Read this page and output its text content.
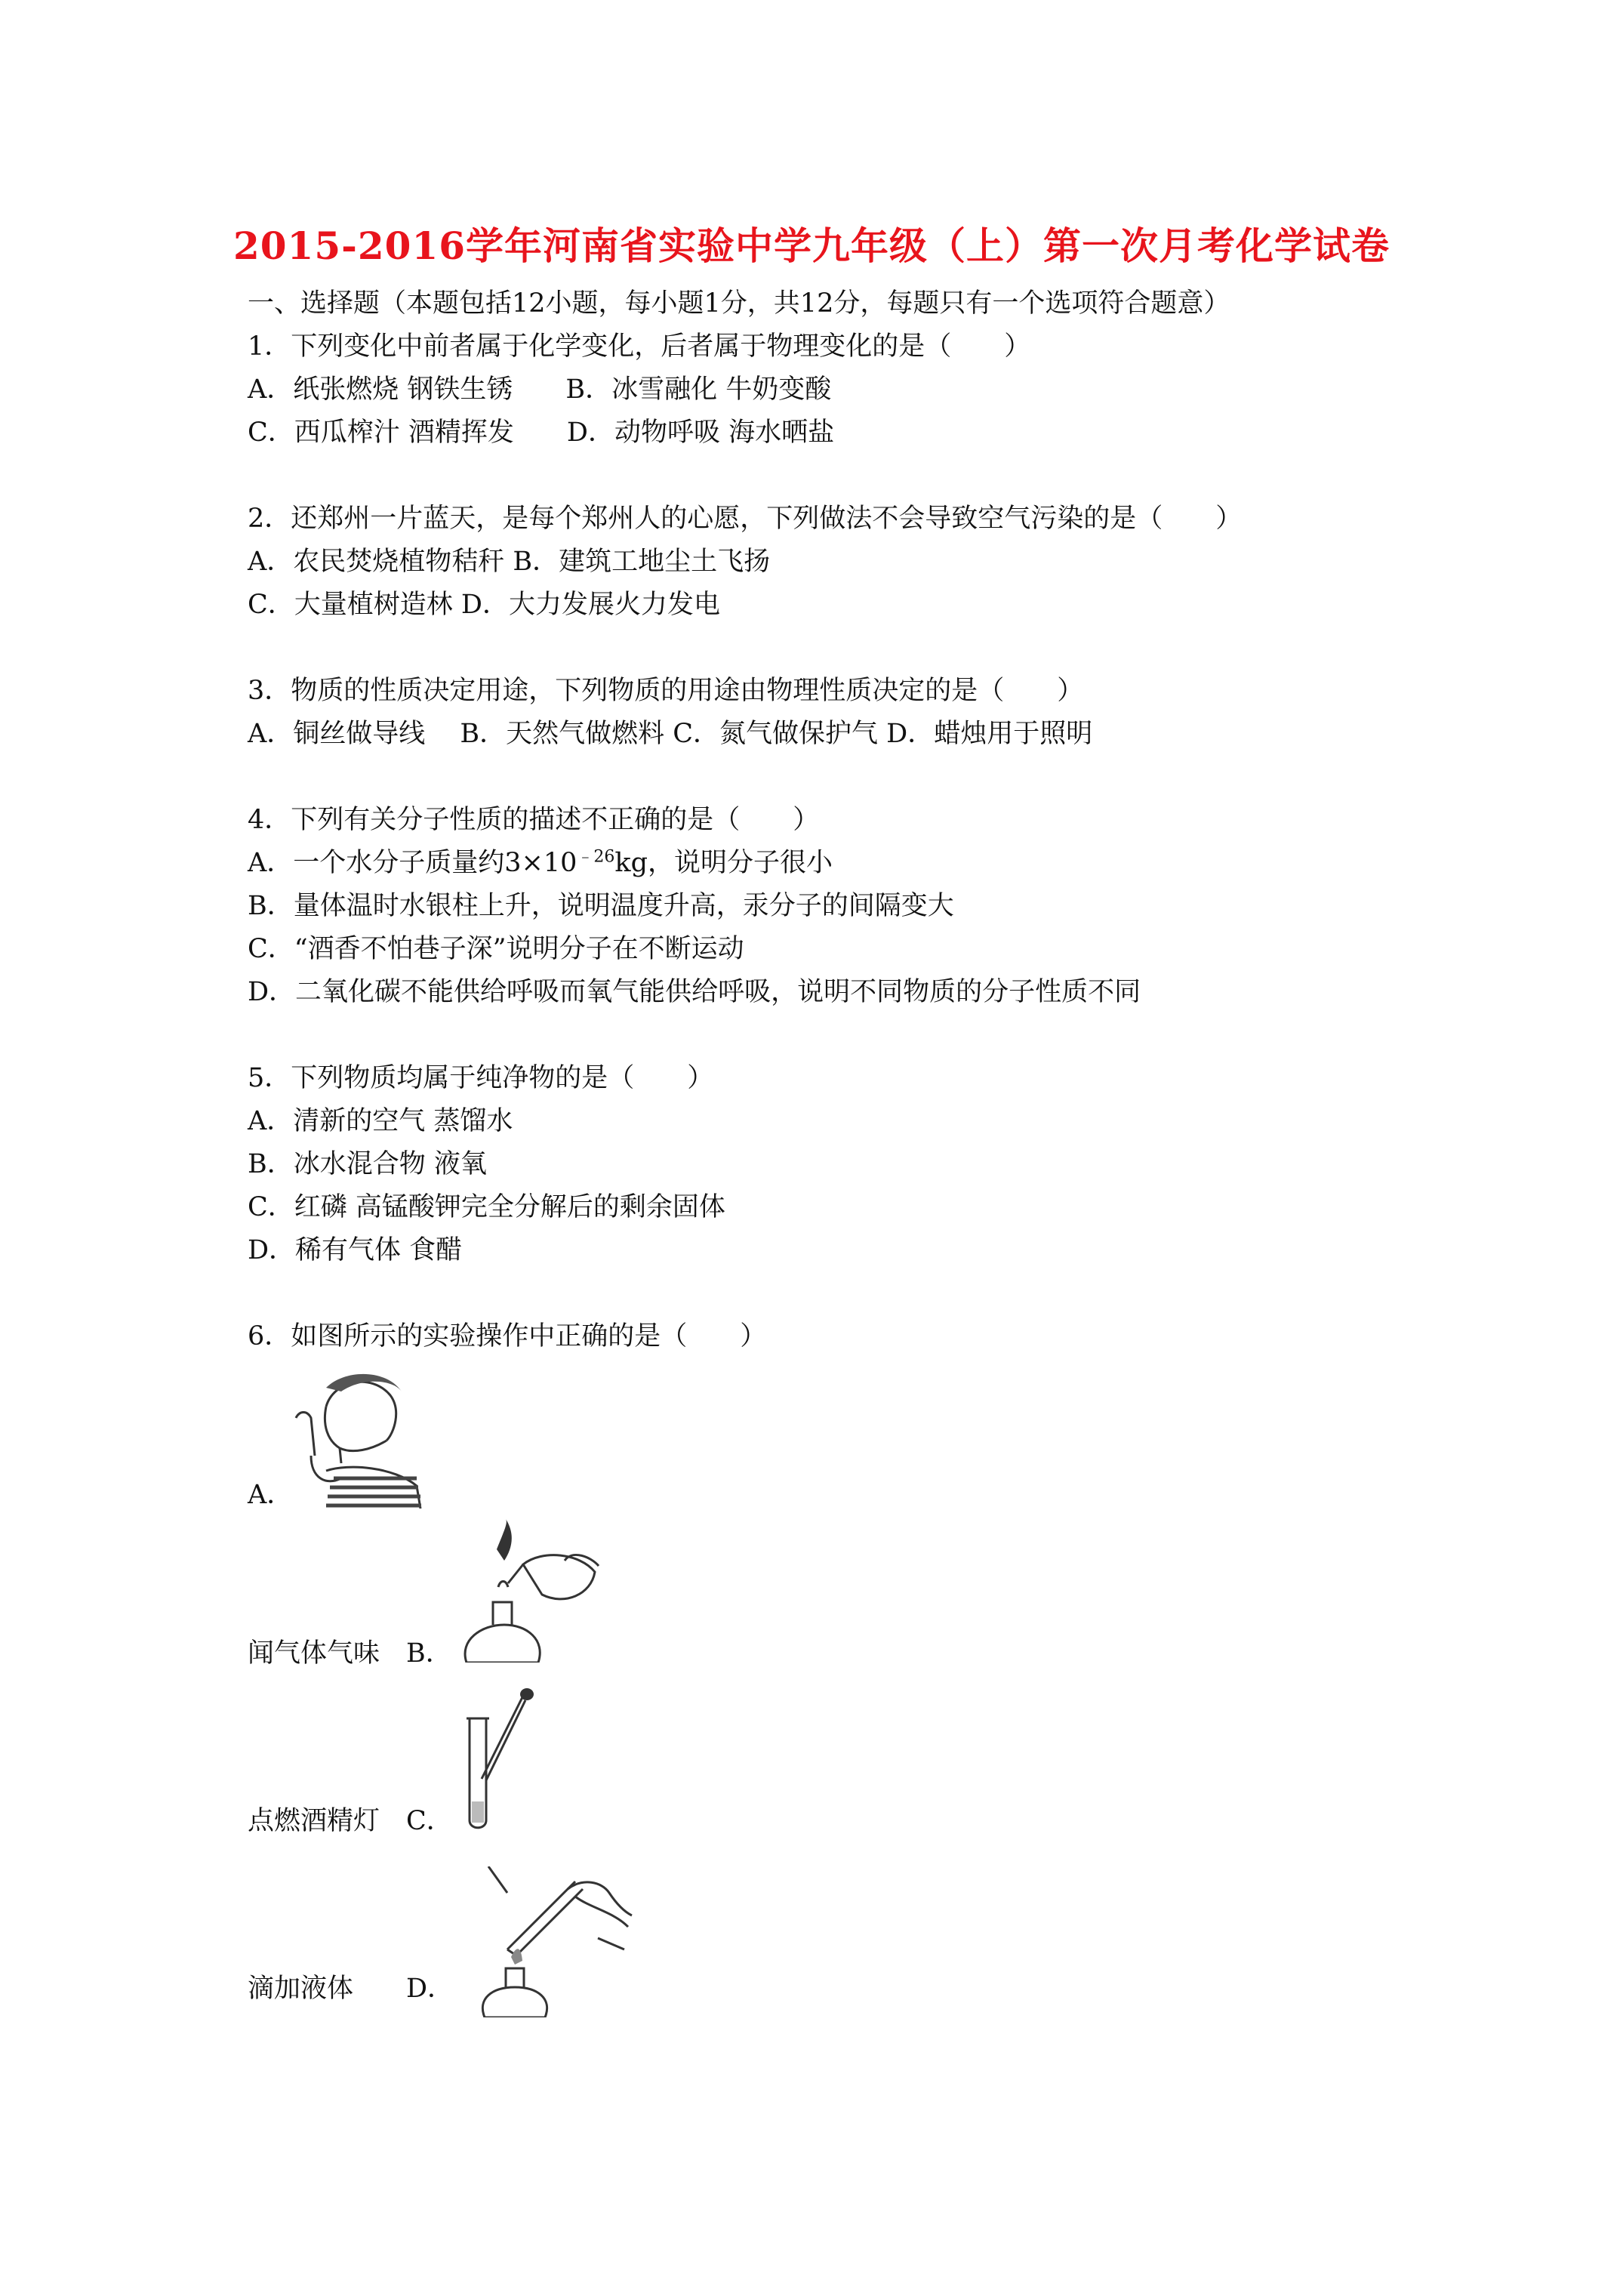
2015-2016学年河南省实验中学九年级（上）第一次月考化学试卷
一、选择题（本题包括12小题，每小题1分，共12分，每题只有一个选项符合题意）
1．下列变化中前者属于化学变化，后者属于物理变化的是（　　）
A．纸张燃烧 钢铁生锈　　B．冰雪融化 牛奶变酸
C．西瓜榨汁 酒精挥发　　D．动物呼吸 海水晒盐
2．还郑州一片蓝天，是每个郑州人的心愿，下列做法不会导致空气污染的是（　　）
A．农民焚烧植物秸秆 B．建筑工地尘土飞扬
C．大量植树造林 D．大力发展火力发电
3．物质的性质决定用途，下列物质的用途由物理性质决定的是（　　）
A．铜丝做导线　 B．天然气做燃料 C．氮气做保护气 D．蜡烛用于照明
4．下列有关分子性质的描述不正确的是（　　）
A．一个水分子质量约$3\times 10^{﹣26}kg$，说明分子很小
B．量体温时水银柱上升，说明温度升高，汞分子的间隔变大
C．“酒香不怕巷子深”说明分子在不断运动
D．二氧化碳不能供给呼吸而氧气能供给呼吸，说明不同物质的分子性质不同
5．下列物质均属于纯净物的是（　　）
A．清新的空气 蒸馏水
B．冰水混合物 液氧
C．红磷 高锰酸钾完全分解后的剩余固体
D．稀有气体 食醋
6．如图所示的实验操作中正确的是（　　）
A．
闻气体气味　B．
点燃酒精灯　C．
滴加液体　　D．
